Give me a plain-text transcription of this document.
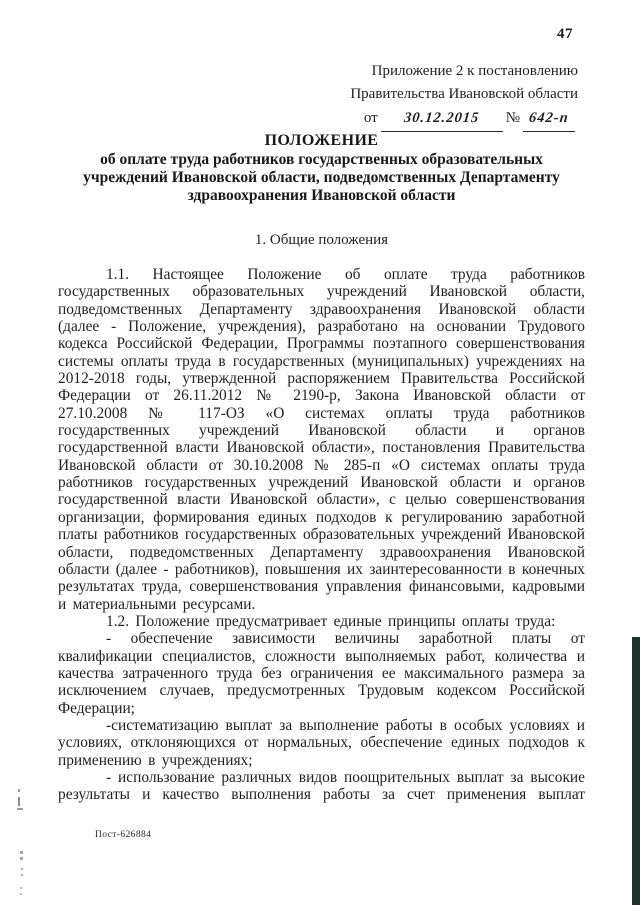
47
Приложение 2 к постановлению
Правительства Ивановской области
от 30.12.2015 № 642-п
ПОЛОЖЕНИЕ
об оплате труда работников государственных образовательных
учреждений Ивановской области, подведомственных Департаменту
здравоохранения Ивановской области
1. Общие положения

1.1. Настоящее Положение об оплате труда работников государственных образовательных учреждений Ивановской области, подведомственных Департаменту здравоохранения Ивановской области (далее - Положение, учреждения), разработано на основании Трудового кодекса Российской Федерации, Программы поэтапного совершенствования системы оплаты труда в государственных (муниципальных) учреждениях на 2012-2018 годы, утвержденной распоряжением Правительства Российской Федерации от 26.11.2012 № 2190-р, Закона Ивановской области от 27.10.2008 № 117-ОЗ «О системах оплаты труда работников государственных учреждений Ивановской области и органов государственной власти Ивановской области», постановления Правительства Ивановской области от 30.10.2008 № 285-п «О системах оплаты труда работников государственных учреждений Ивановской области и органов государственной власти Ивановской области», с целью совершенствования организации, формирования единых подходов к регулированию заработной платы работников государственных образовательных учреждений Ивановской области, подведомственных Департаменту здравоохранения Ивановской области (далее - работников), повышения их заинтересованности в конечных результатах труда, совершенствования управления финансовыми, кадровыми и материальными ресурсами.

1.2. Положение предусматривает единые принципы оплаты труда:

- обеспечение зависимости величины заработной платы от квалификации специалистов, сложности выполняемых работ, количества и качества затраченного труда без ограничения ее максимального размера за исключением случаев, предусмотренных Трудовым кодексом Российской Федерации;

-систематизацию выплат за выполнение работы в особых условиях и условиях, отклоняющихся от нормальных, обеспечение единых подходов к применению в учреждениях;

- использование различных видов поощрительных выплат за высокие результаты и качество выполнения работы за счет применения выплат

Пост-626884
